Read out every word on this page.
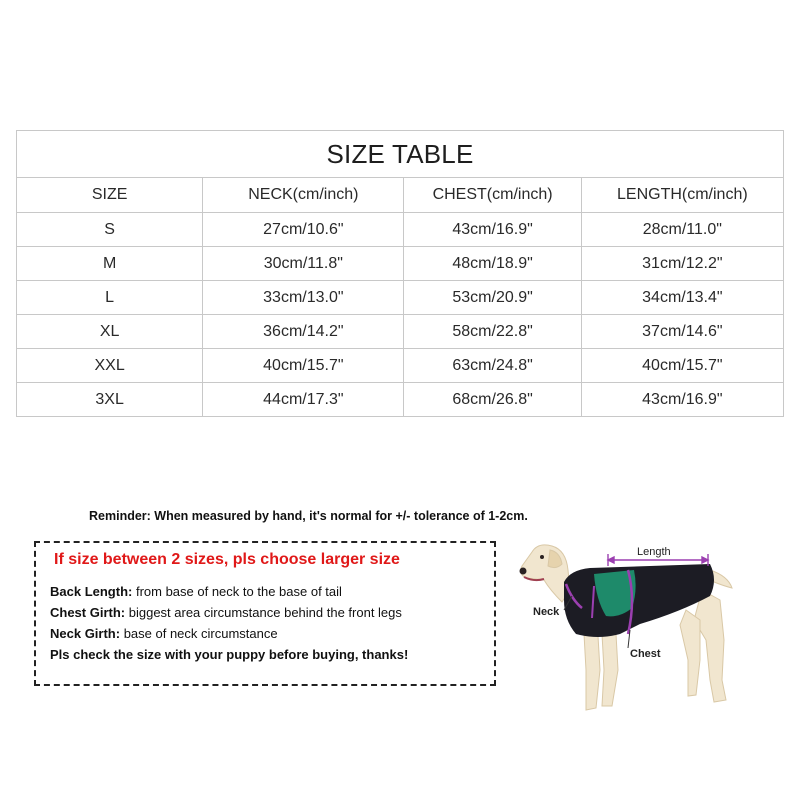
SIZE TABLE			
SIZE	NECK(cm/inch)	CHEST(cm/inch)	LENGTH(cm/inch)
S	27cm/10.6"	43cm/16.9"	28cm/11.0"
M	30cm/11.8"	48cm/18.9"	31cm/12.2"
L	33cm/13.0"	53cm/20.9"	34cm/13.4"
XL	36cm/14.2"	58cm/22.8"	37cm/14.6"
XXL	40cm/15.7"	63cm/24.8"	40cm/15.7"
3XL	44cm/17.3"	68cm/26.8"	43cm/16.9"
Reminder: When measured by hand, it's normal for +/- tolerance of 1-2cm.
If size between 2 sizes, pls choose larger size
Back Length: from base of neck to the base of tail
Chest Girth: biggest area circumstance behind the front legs
Neck Girth: base of neck circumstance
Pls check the size with your puppy before buying, thanks!
Length
Neck
Chest
